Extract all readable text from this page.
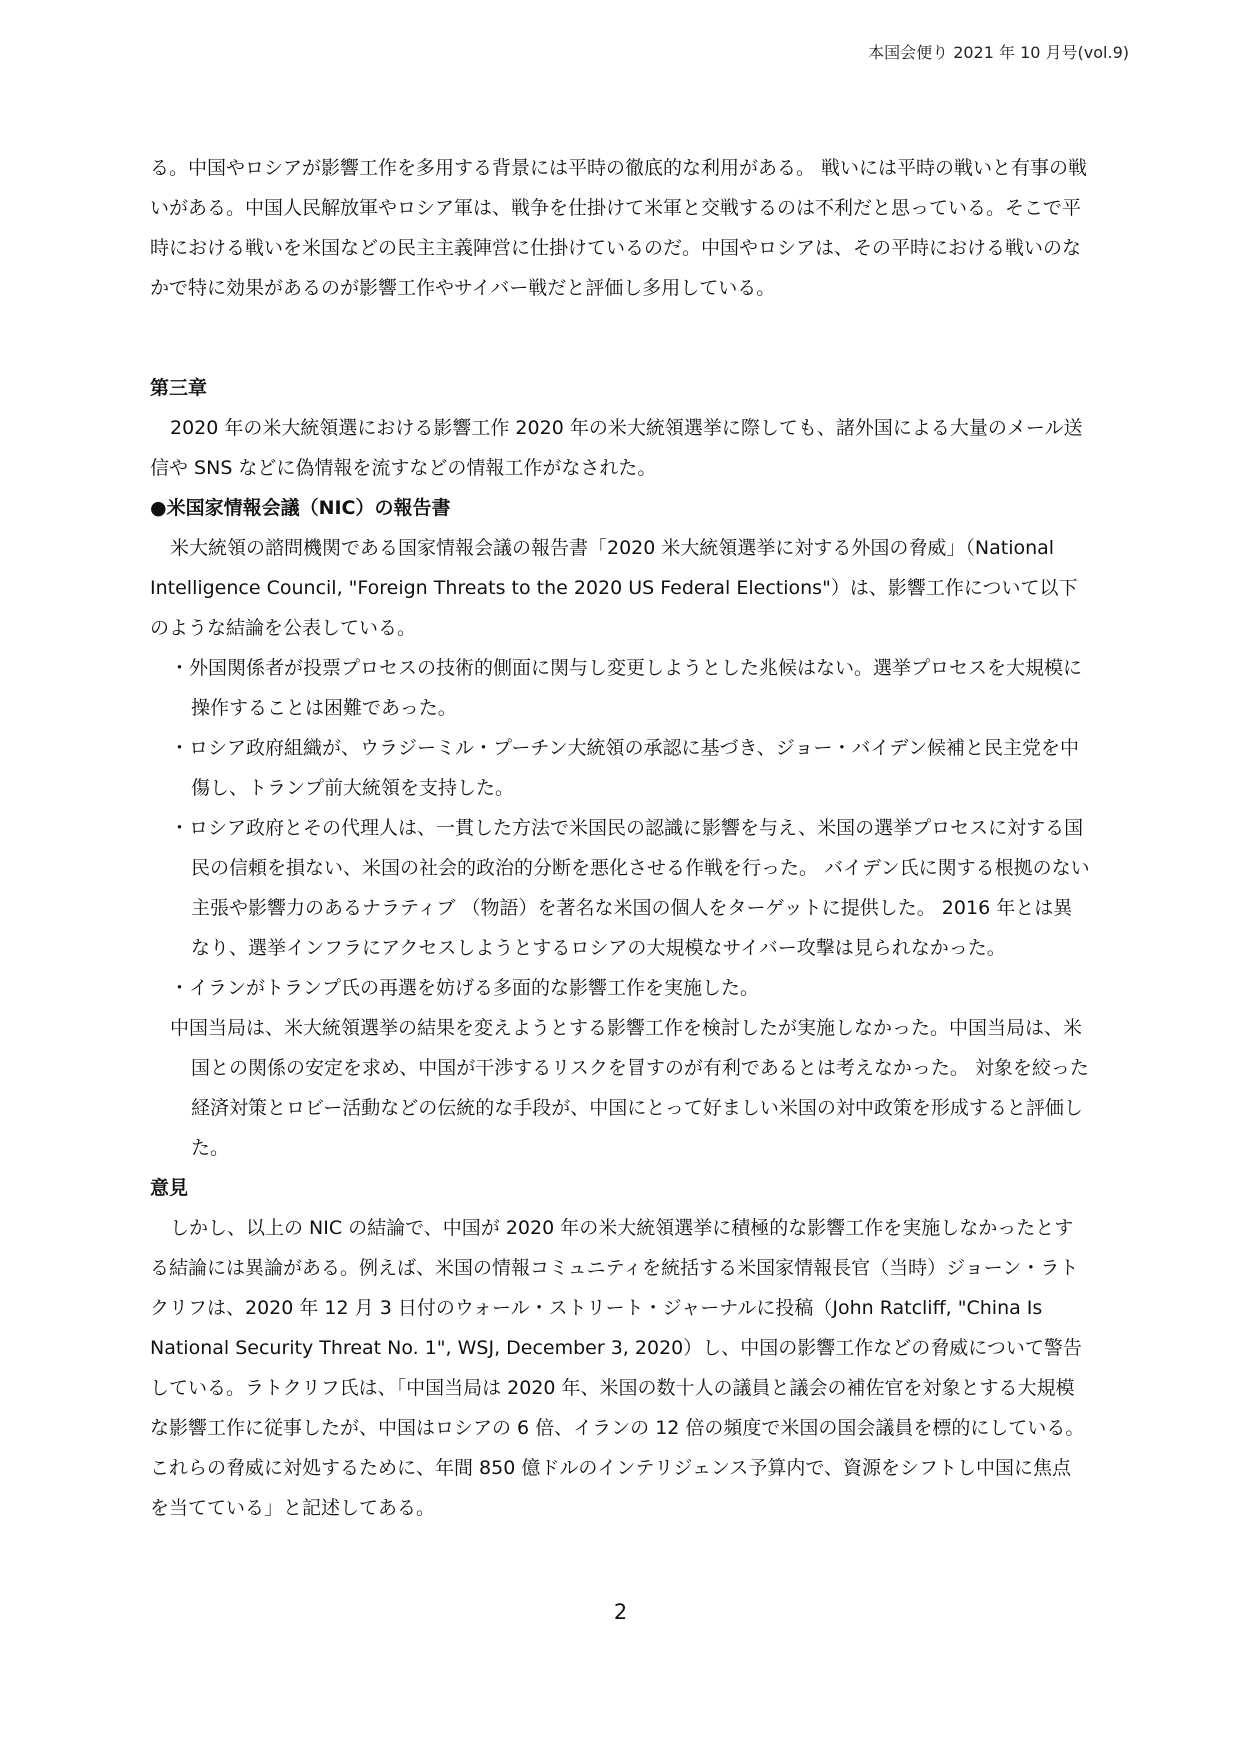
本国会便り 2021 年 10 月号(vol.9)

る。中国やロシアが影響工作を多用する背景には平時の徹底的な利用がある。 戦いには平時の戦いと有事の戦いがある。中国人民解放軍やロシア軍は、戦争を仕掛けて米軍と交戦するのは不利だと思っている。そこで平時における戦いを米国などの民主主義陣営に仕掛けているのだ。中国やロシアは、その平時における戦いのなかで特に効果があるのが影響工作やサイバー戦だと評価し多用している。

第三章

2020 年の米大統領選における影響工作 2020 年の米大統領選挙に際しても、諸外国による大量のメール送信や SNS などに偽情報を流すなどの情報工作がなされた。

●米国家情報会議（NIC）の報告書

米大統領の諮問機関である国家情報会議の報告書「2020 米大統領選挙に対する外国の脅威」（National Intelligence Council, "Foreign Threats to the 2020 US Federal Elections"）は、影響工作について以下のような結論を公表している。

・外国関係者が投票プロセスの技術的側面に関与し変更しようとした兆候はない。選挙プロセスを大規模に操作することは困難であった。
・ロシア政府組織が、ウラジーミル・プーチン大統領の承認に基づき、ジョー・バイデン候補と民主党を中傷し、トランプ前大統領を支持した。
・ロシア政府とその代理人は、一貫した方法で米国民の認識に影響を与え、米国の選挙プロセスに対する国民の信頼を損ない、米国の社会的政治的分断を悪化させる作戦を行った。 バイデン氏に関する根拠のない主張や影響力のあるナラティブ （物語）を著名な米国の個人をターゲットに提供した。 2016 年とは異なり、選挙インフラにアクセスしようとするロシアの大規模なサイバー攻撃は見られなかった。
・イランがトランプ氏の再選を妨げる多面的な影響工作を実施した。

中国当局は、米大統領選挙の結果を変えようとする影響工作を検討したが実施しなかった。中国当局は、米国との関係の安定を求め、中国が干渉するリスクを冒すのが有利であるとは考えなかった。 対象を絞った経済対策とロビー活動などの伝統的な手段が、中国にとって好ましい米国の対中政策を形成すると評価した。

意見

しかし、以上の NIC の結論で、中国が 2020 年の米大統領選挙に積極的な影響工作を実施しなかったとする結論には異論がある。例えば、米国の情報コミュニティを統括する米国家情報長官（当時）ジョーン・ラトクリフは、2020 年 12 月 3 日付のウォール・ストリート・ジャーナルに投稿（John Ratcliff, "China Is National Security Threat No. 1", WSJ, December 3, 2020）し、中国の影響工作などの脅威について警告している。ラトクリフ氏は、「中国当局は 2020 年、米国の数十人の議員と議会の補佐官を対象とする大規模な影響工作に従事したが、中国はロシアの 6 倍、イランの 12 倍の頻度で米国の国会議員を標的にしている。これらの脅威に対処するために、年間 850 億ドルのインテリジェンス予算内で、資源をシフトし中国に焦点を当てている」と記述してある。

2
